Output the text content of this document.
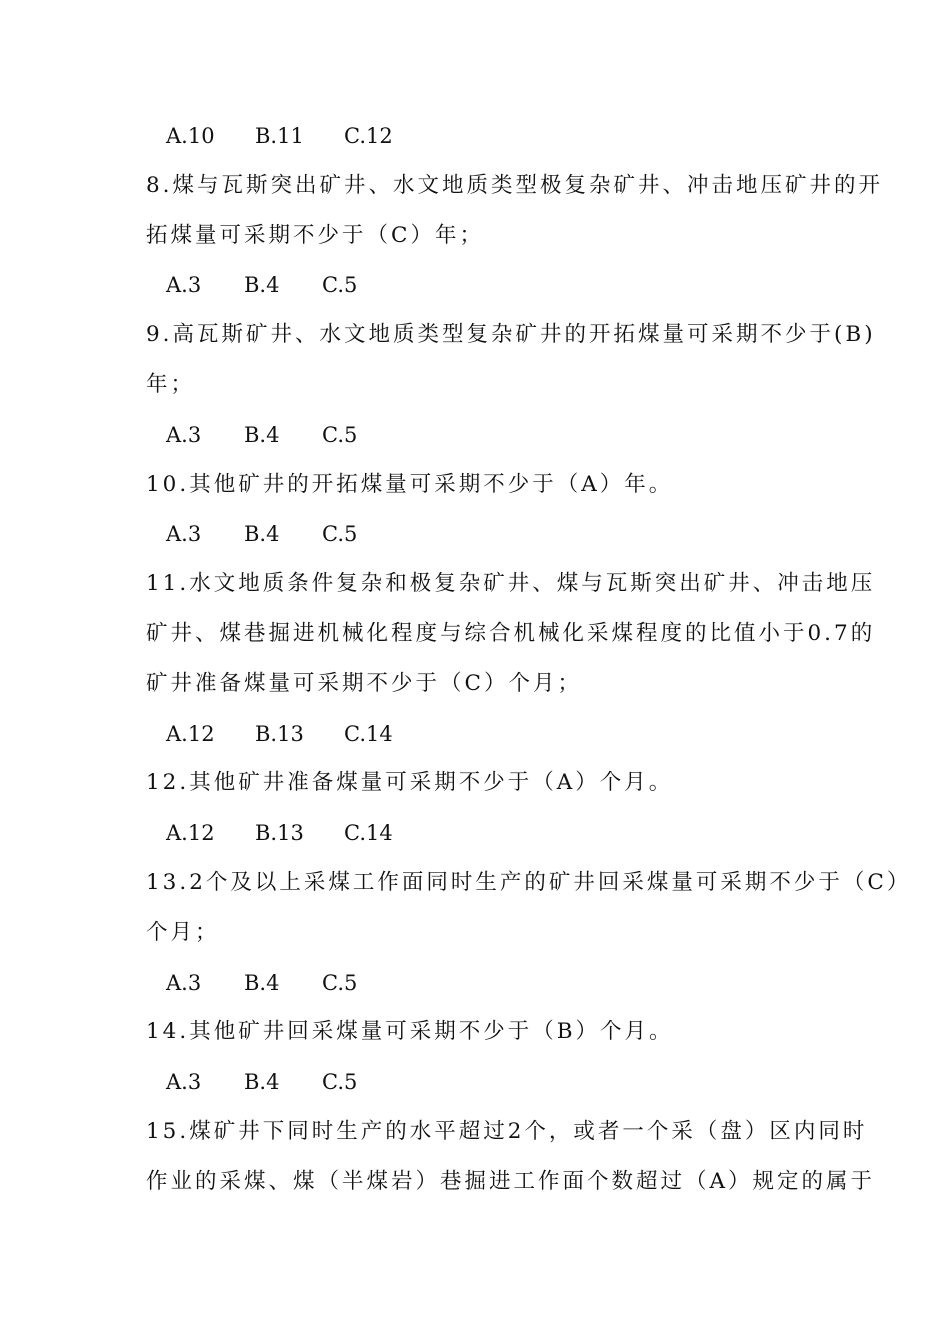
A.10 B.11 C.12
8.煤与瓦斯突出矿井、水文地质类型极复杂矿井、冲击地压矿井的开
拓煤量可采期不少于（C）年；
A.3 B.4 C.5
9.高瓦斯矿井、水文地质类型复杂矿井的开拓煤量可采期不少于(B)
年；
A.3 B.4 C.5
10.其他矿井的开拓煤量可采期不少于（A）年。
A.3 B.4 C.5
11.水文地质条件复杂和极复杂矿井、煤与瓦斯突出矿井、冲击地压
矿井、煤巷掘进机械化程度与综合机械化采煤程度的比值小于0.7的
矿井准备煤量可采期不少于（C）个月；
A.12 B.13 C.14
12.其他矿井准备煤量可采期不少于（A）个月。
A.12 B.13 C.14
13.2个及以上采煤工作面同时生产的矿井回采煤量可采期不少于（C）
个月；
A.3 B.4 C.5
14.其他矿井回采煤量可采期不少于（B）个月。
A.3 B.4 C.5
15.煤矿井下同时生产的水平超过2个，或者一个采（盘）区内同时
作业的采煤、煤（半煤岩）巷掘进工作面个数超过（A）规定的属于
